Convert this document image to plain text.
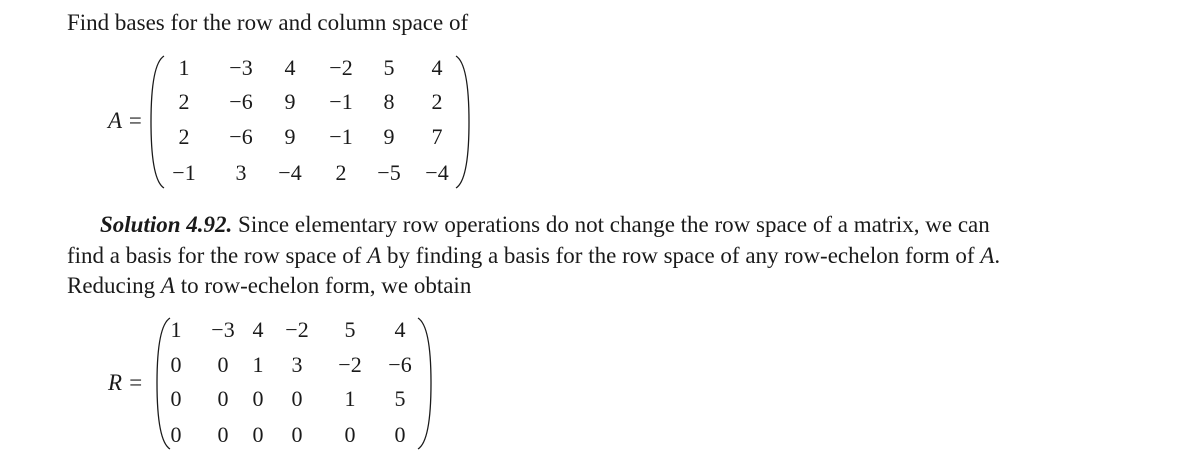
Find bases for the row and column space of
A =
1 −3 4 −2 5 4
2 −6 9 −1 8 2
2 −6 9 −1 9 7
−1 3 −4 2 −5 −4
Solution 4.92. Since elementary row operations do not change the row space of a matrix, we can
find a basis for the row space of A by finding a basis for the row space of any row-echelon form of A.
Reducing A to row-echelon form, we obtain
R =
1 −3 4 −2 5 4
0 0 1 3 −2 −6
0 0 0 0 1 5
0 0 0 0 0 0
